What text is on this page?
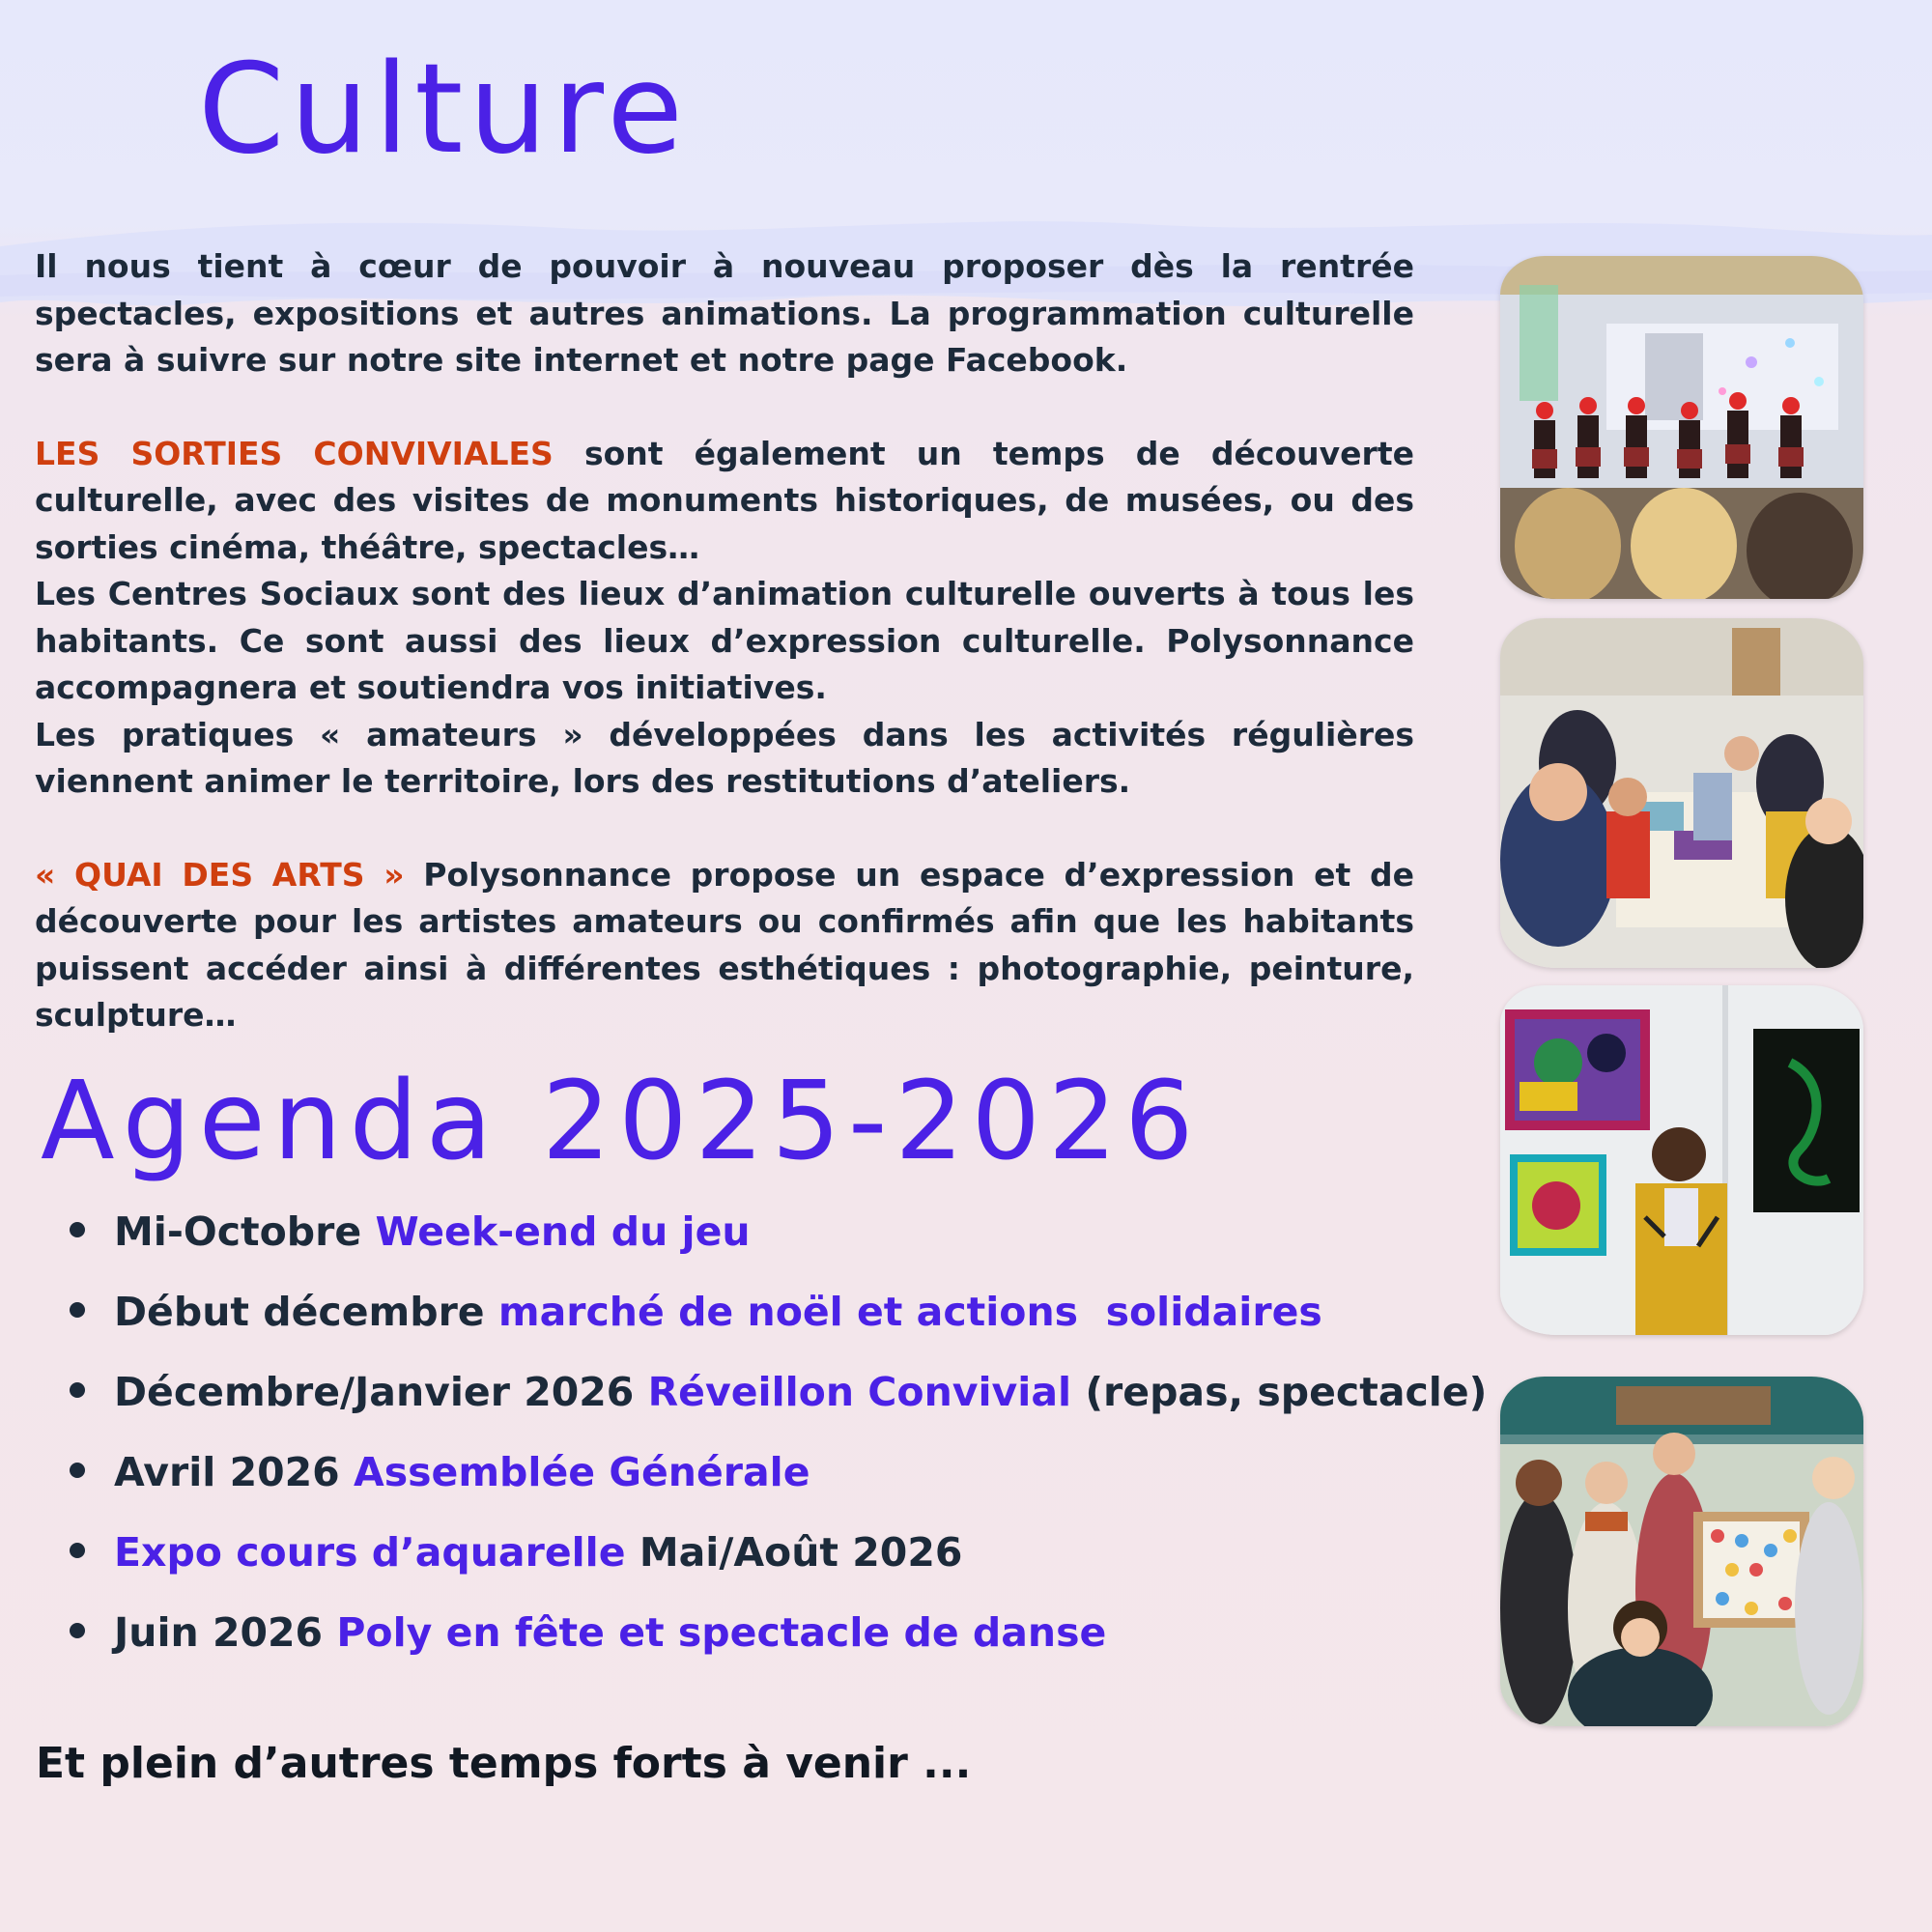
Culture

Il nous tient à cœur de pouvoir à nouveau proposer dès la rentrée spectacles, expositions et autres animations. La programmation culturelle sera à suivre sur notre site internet et notre page Facebook.

LES SORTIES CONVIVIALES sont également un temps de découverte culturelle, avec des visites de monuments historiques, de musées, ou des sorties cinéma, théâtre, spectacles…

Les Centres Sociaux sont des lieux d’animation culturelle ouverts à tous les habitants. Ce sont aussi des lieux d’expression culturelle. Polysonnance accompagnera et soutiendra vos initiatives.

Les pratiques « amateurs » développées dans les activités régulières viennent animer le territoire, lors des restitutions d’ateliers.

« QUAI DES ARTS » Polysonnance propose un espace d’expression et de découverte pour les artistes amateurs ou confirmés afin que les habitants puissent accéder ainsi à différentes esthétiques : photographie, peinture, sculpture…

Agenda 2025-2026
Mi-Octobre Week-end du jeu
Début décembre marché de noël et actions  solidaires
Décembre/Janvier 2026 Réveillon Convivial (repas, spectacle)
Avril 2026 Assemblée Générale
Expo cours d’aquarelle Mai/Août 2026
Juin 2026 Poly en fête et spectacle de danse

Et plein d’autres temps forts à venir ...
